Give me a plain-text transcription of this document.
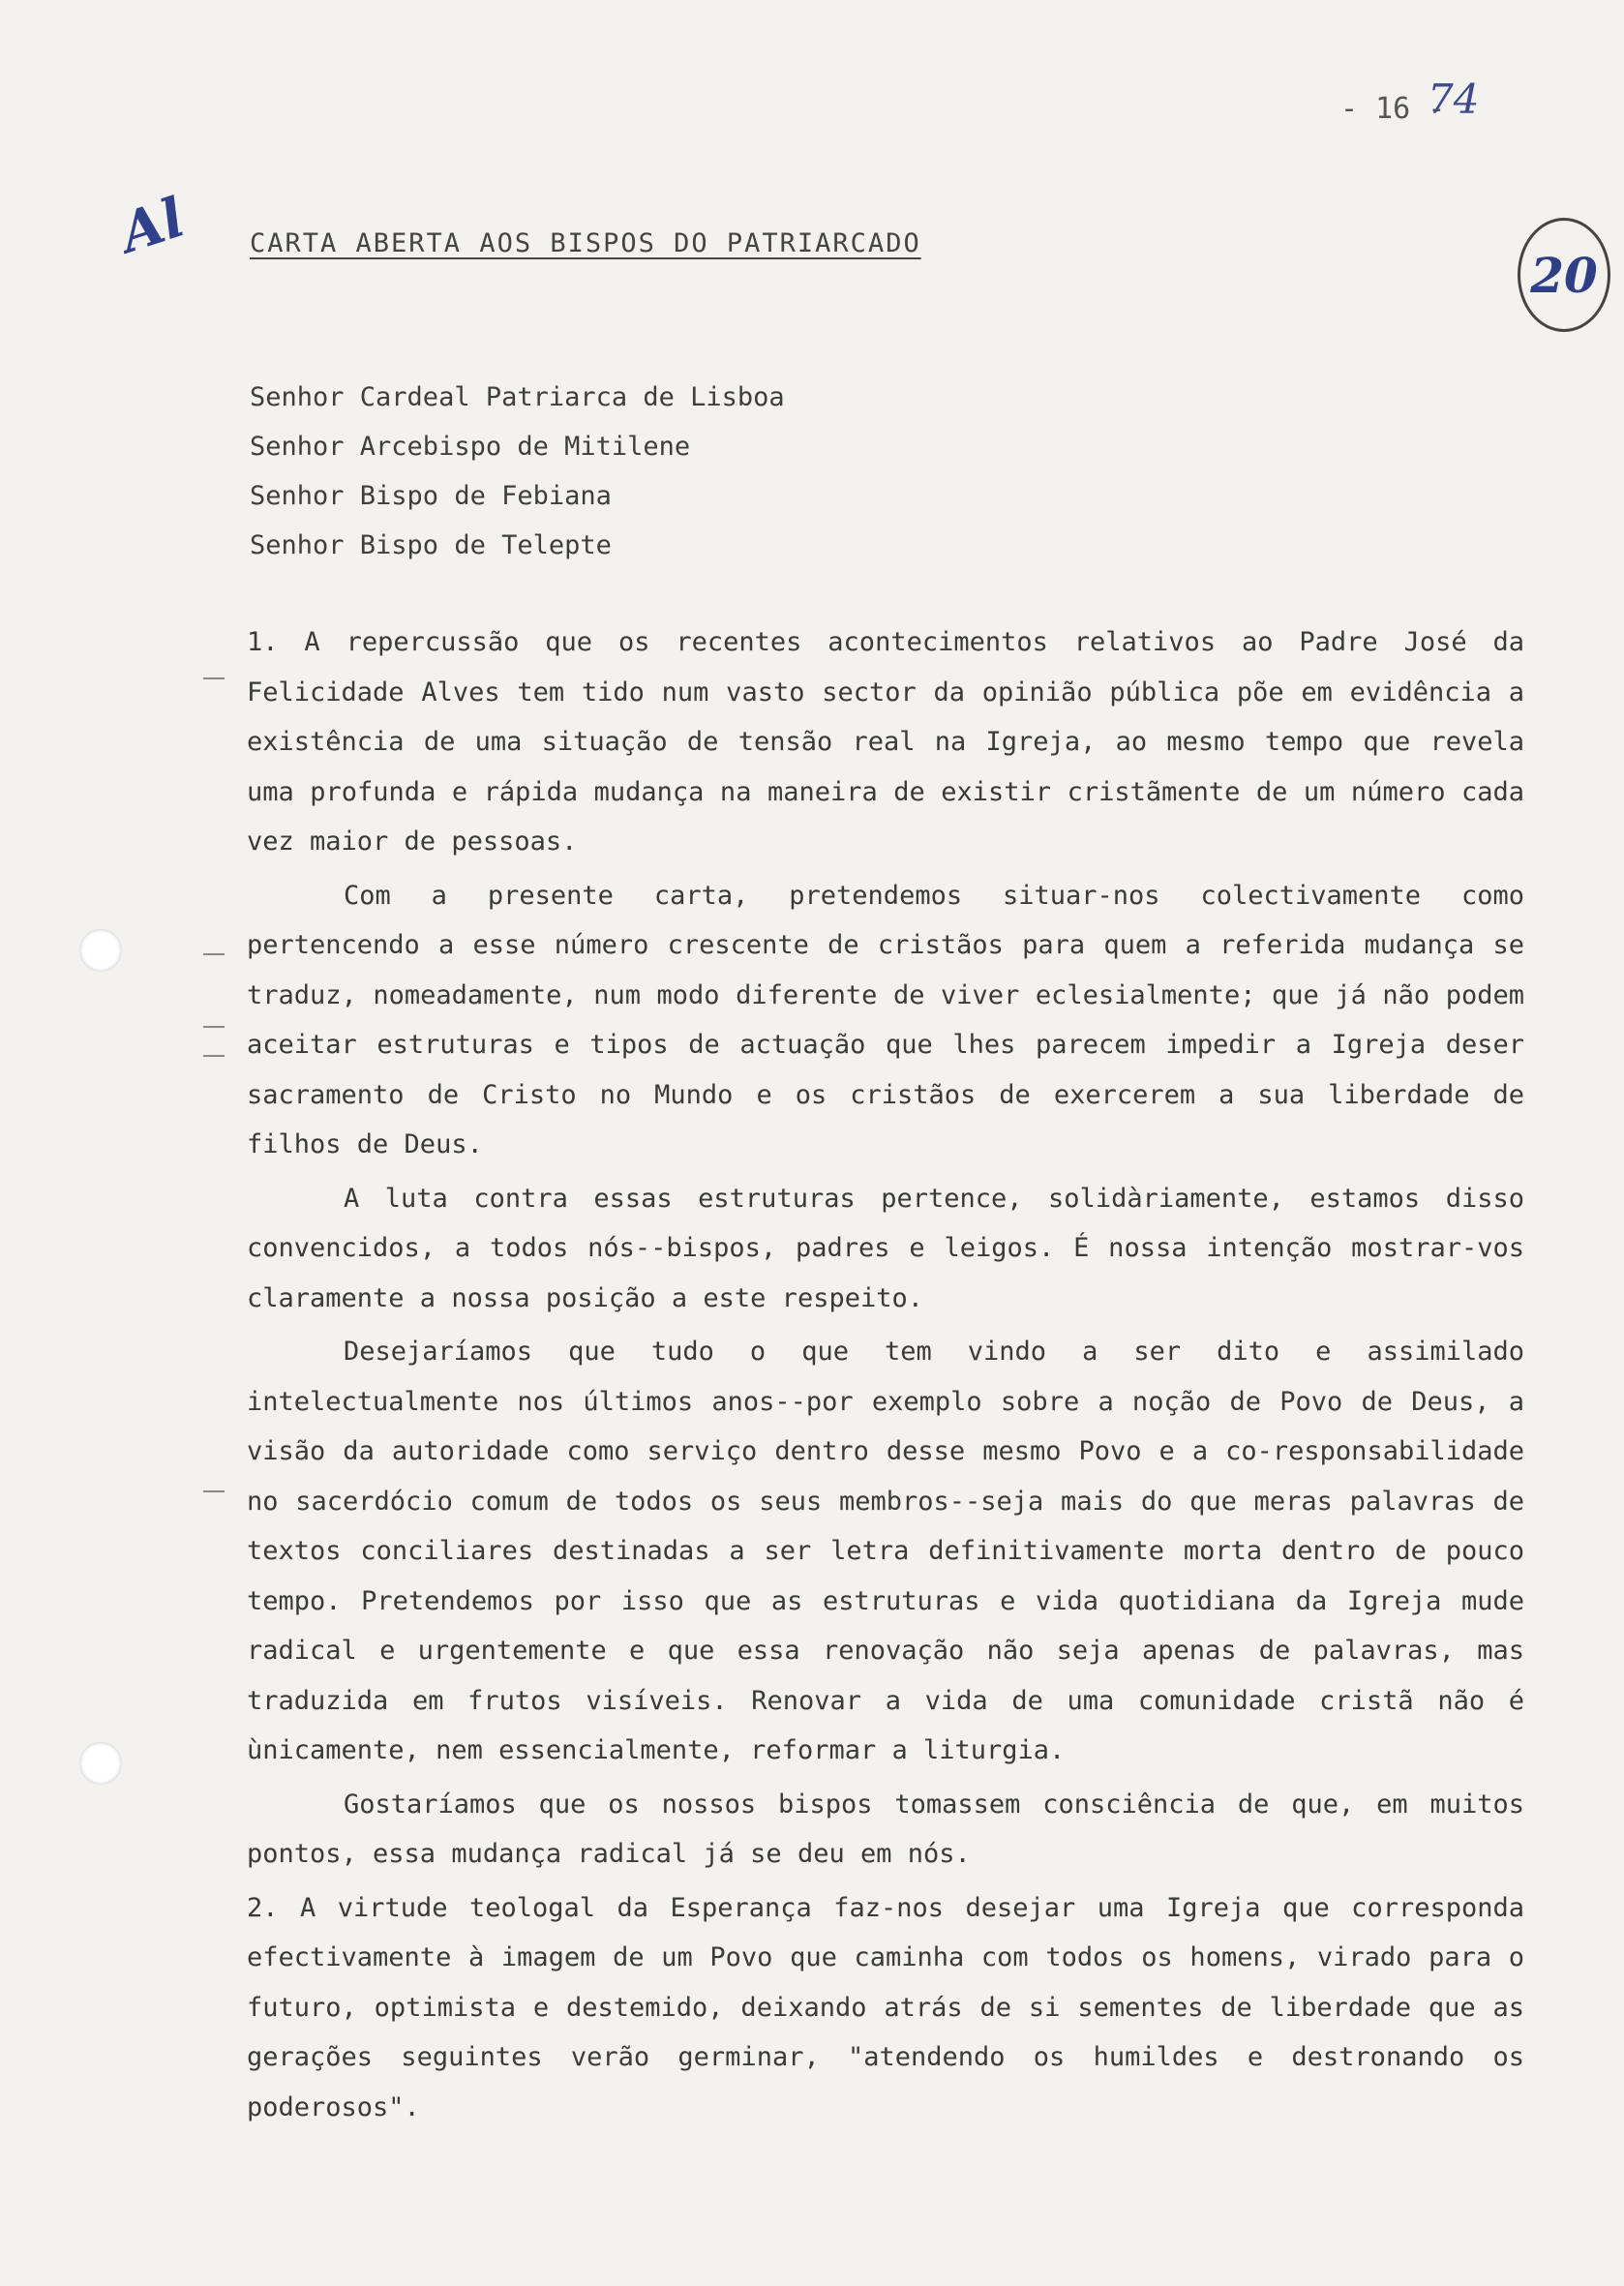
- 16 -
74
20
Al CARTA ABERTA AOS BISPOS DO PATRIARCADO
Senhor Cardeal Patriarca de Lisboa
Senhor Arcebispo de Mitilene
Senhor Bispo de Febiana
Senhor Bispo de Telepte

1. A repercussão que os recentes acontecimentos relativos ao Padre José da Felicidade Alves tem tido num vasto sector da opinião pública põe em evidência a existência de uma situação de tensão real na Igreja, ao mesmo tempo que revela uma profunda e rápida mudança na maneira de existir cristãmente de um número cada vez maior de pessoas.

Com a presente carta, pretendemos situar-nos colectivamente como pertencendo a esse número crescente de cristãos para quem a referida mudança se traduz, nomeadamente, num modo diferente de viver eclesialmente; que já não podem aceitar estruturas e tipos de actuação que lhes parecem impedir a Igreja deser sacramento de Cristo no Mundo e os cristãos de exercerem a sua liberdade de filhos de Deus.

A luta contra essas estruturas pertence, solidàriamente, estamos disso convencidos, a todos nós--bispos, padres e leigos. É nossa intenção mostrar-vos claramente a nossa posição a este respeito.

Desejaríamos que tudo o que tem vindo a ser dito e assimilado intelectualmente nos últimos anos--por exemplo sobre a noção de Povo de Deus, a visão da autoridade como serviço dentro desse mesmo Povo e a co-responsabilidade no sacerdócio comum de todos os seus membros--seja mais do que meras palavras de textos conciliares destinadas a ser letra definitivamente morta dentro de pouco tempo. Pretendemos por isso que as estruturas e vida quotidiana da Igreja mude radical e urgentemente e que essa renovação não seja apenas de palavras, mas traduzida em frutos visíveis. Renovar a vida de uma comunidade cristã não é ùnicamente, nem essencialmente, reformar a liturgia.

Gostaríamos que os nossos bispos tomassem consciência de que, em muitos pontos, essa mudança radical já se deu em nós.

2. A virtude teologal da Esperança faz-nos desejar uma Igreja que corresponda efectivamente à imagem de um Povo que caminha com todos os homens, virado para o futuro, optimista e destemido, deixando atrás de si sementes de liberdade que as gerações seguintes verão germinar, "atendendo os humildes e destronando os poderosos".
